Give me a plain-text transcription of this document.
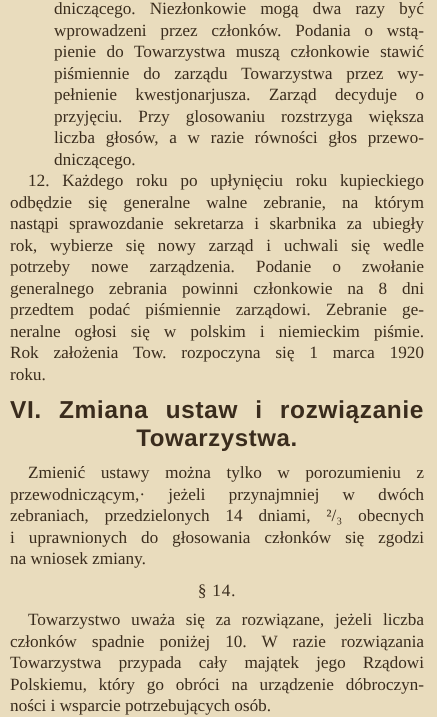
dniczącego. Niezłonkowie mogą dwa razy być
wprowadzeni przez członków. Podania o wstą-
pienie do Towarzystwa muszą członkowie stawić
piśmiennie do zarządu Towarzystwa przez wy-
pełnienie kwestjonarjusza. Zarząd decyduje o
przyjęciu. Przy glosowaniu rozstrzyga większa
liczba głosów, a w razie równości głos przewo-
dniczącego.
12. Każdego roku po upłynięciu roku kupieckiego
odbędzie się generalne walne zebranie, na którym
nastąpi sprawozdanie sekretarza i skarbnika za ubiegły
rok, wybierze się nowy zarząd i uchwali się wedle
potrzeby nowe zarządzenia. Podanie o zwołanie
generalnego zebrania powinni członkowie na 8 dni
przedtem podać piśmiennie zarządowi. Zebranie ge-
neralne ogłosi się w polskim i niemieckim piśmie.
Rok założenia Tow. rozpoczyna się 1 marca 1920
roku.
VI. Zmiana ustaw i rozwiązanie
Towarzystwa.
Zmienić ustawy można tylko w porozumieniu z
przewodniczącym,· jeżeli przynajmniej w dwóch
zebraniach, przedzielonych 14 dniami, ²/₃ obecnych
i uprawnionych do głosowania członków się zgodzi
na wniosek zmiany.
§ 14.
Towarzystwo uważa się za rozwiązane, jeżeli liczba
członków spadnie poniżej 10. W razie rozwiązania
Towarzystwa przypada cały majątek jego Rządowi
Polskiemu, który go obróci na urządzenie dóbroczyn-
ności i wsparcie potrzebujących osób.
